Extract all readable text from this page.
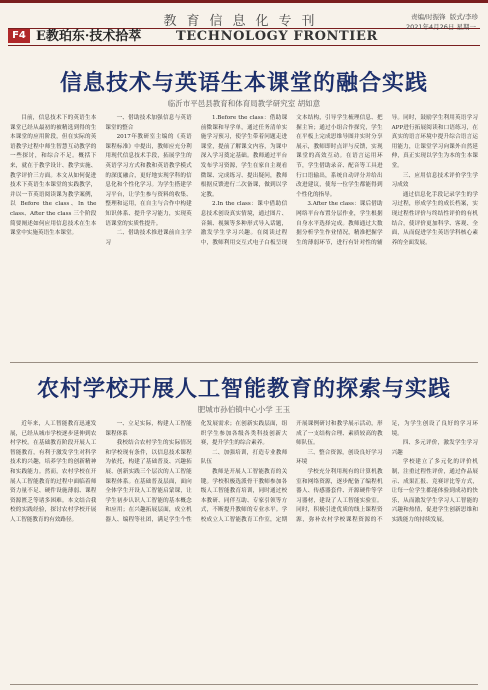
教育信息化专刊	责编/时振锋 版式/李珍
F4 E教珀东·技术拾萃	TECHNOLOGY FRONTIER
2021年4月26日 星期一
信息技术与英语生本课堂的融合实践
临沂市平邑县教育和体育局教学研究室 胡如意

目前，信息技术下的英语生本课堂已经从最初的被精选到得的生本课堂的应用阶段，但在实际的英语教学过程中师生智慧互动教学的一些探讨，和综合不足。概括下来，就在于教学设计、教学实施、教学评价三方面。本文从如何促进技术下英语生本课堂的实践教学，并以一节英语阅读课为教学案例，以 Before the class、In the class、After the class 三个阶段简要阐述如何应用信息技术在生本课堂中实施英语生本课堂。

一、借助技术加强信息与英语课堂的整合

2017年教研室主编的《英语课程标准》中提出，教师应充分利用现代信息技术手段，拓展学生的英语学习方式和教和英语教学模式的深度融合，更好地实现学科的信息化和个性化学习。为学生搭建学习平台，让学生参与资料的收集、整理和运用，在自主与合作中构建知识体系、提升学习能力，实现英语课堂的实质性提升。

二、借助技术推进课前自主学习

1.Before the class：借助课前微课和导学单，通过任务清单实施学习预习，使学生带着问题走进课堂，提前了解课文内容，为课中深入学习奠定基础。教师通过平台发布学习资源，学生在家自主观看微课、完成练习、提出疑问，教师根据反馈进行二次备课，做到以学定教。

2.In the class：课中借助信息技术创设真实情境，通过图片、音频、视频等多种形式导入话题，激发学生学习兴趣。在阅读过程中，教师利用交互式电子白板呈现文本结构，引导学生梳理信息、把握主旨；通过小组合作探究，学生在平板上完成思维导图并实时分享展示，教师即时点评与反馈，实现课堂的高效互动。在语言运用环节，学生借助录音、配音等工具进行口语输出，系统自动评分并给出改进建议，使每一位学生都能得到个性化的指导。

3.After the class：课后借助网络平台布置分层作业，学生根据自身水平选择完成。教师通过大数据分析学生作业情况，精准把握学生的薄弱环节，进行有针对性的辅导。同时，鼓励学生利用英语学习APP进行拓展阅读和口语练习，在真实的语言环境中提升综合语言运用能力，让课堂学习向课外自然延伸，真正实现以学生为本的生本课堂。

三、应用信息技术评价学生学习成效

通过信息化手段记录学生的学习过程，形成学生的成长档案，实现过程性评价与终结性评价的有机结合，使评价更加科学、客观、全面，从而促进学生英语学科核心素养的全面发展。

农村学校开展人工智能教育的探索与实践
肥城市孙伯镇中心小学 王玉

近年来，人工智能教育迅速发展，已经从城市学校逐步延伸到农村学校。在基础教育阶段开展人工智能教育，有利于激发学生对科学技术的兴趣，培养学生的创新精神和实践能力。然而，农村学校在开展人工智能教育的过程中面临着师资力量不足、硬件设施薄弱、课程资源匮乏等诸多困难。本文结合我校的实践经验，探讨农村学校开展人工智能教育的有效路径。

一、立足实际，构建人工智能课程体系

我校结合农村学生的实际情况和学校现有条件，以信息技术课程为依托，构建了基础普及、兴趣拓展、创新实践三个层次的人工智能课程体系。在基础普及层面，面向全体学生开设人工智能启蒙课，让学生初步认识人工智能的基本概念和应用；在兴趣拓展层面，成立机器人、编程等社团，满足学生个性化发展需求；在创新实践层面，组织学生参加各级各类科技创新大赛，提升学生的综合素养。

二、加强培训，打造专业教师队伍

教师是开展人工智能教育的关键。学校积极选派骨干教师参加各级人工智能教育培训，同时通过校本教研、同伴互助、专家引领等方式，不断提升教师的专业水平。学校成立人工智能教育工作室，定期开展课例研讨和教学展示活动，形成了一支结构合理、素质较高的教师队伍。

三、整合资源，创设良好学习环境

学校充分利用现有的计算机教室和网络资源，逐步配备了编程机器人、传感器套件、开源硬件等学习器材，建设了人工智能实验室。同时，积极引进优质的线上课程资源，弥补农村学校课程资源的不足，为学生创设了良好的学习环境。

四、多元评价，激发学生学习兴趣

学校建立了多元化的评价机制，注重过程性评价，通过作品展示、成果汇报、竞赛评比等方式，让每一位学生都能体验到成功的快乐，从而激发学生学习人工智能的兴趣和热情，促进学生创新思维和实践能力的持续发展。
